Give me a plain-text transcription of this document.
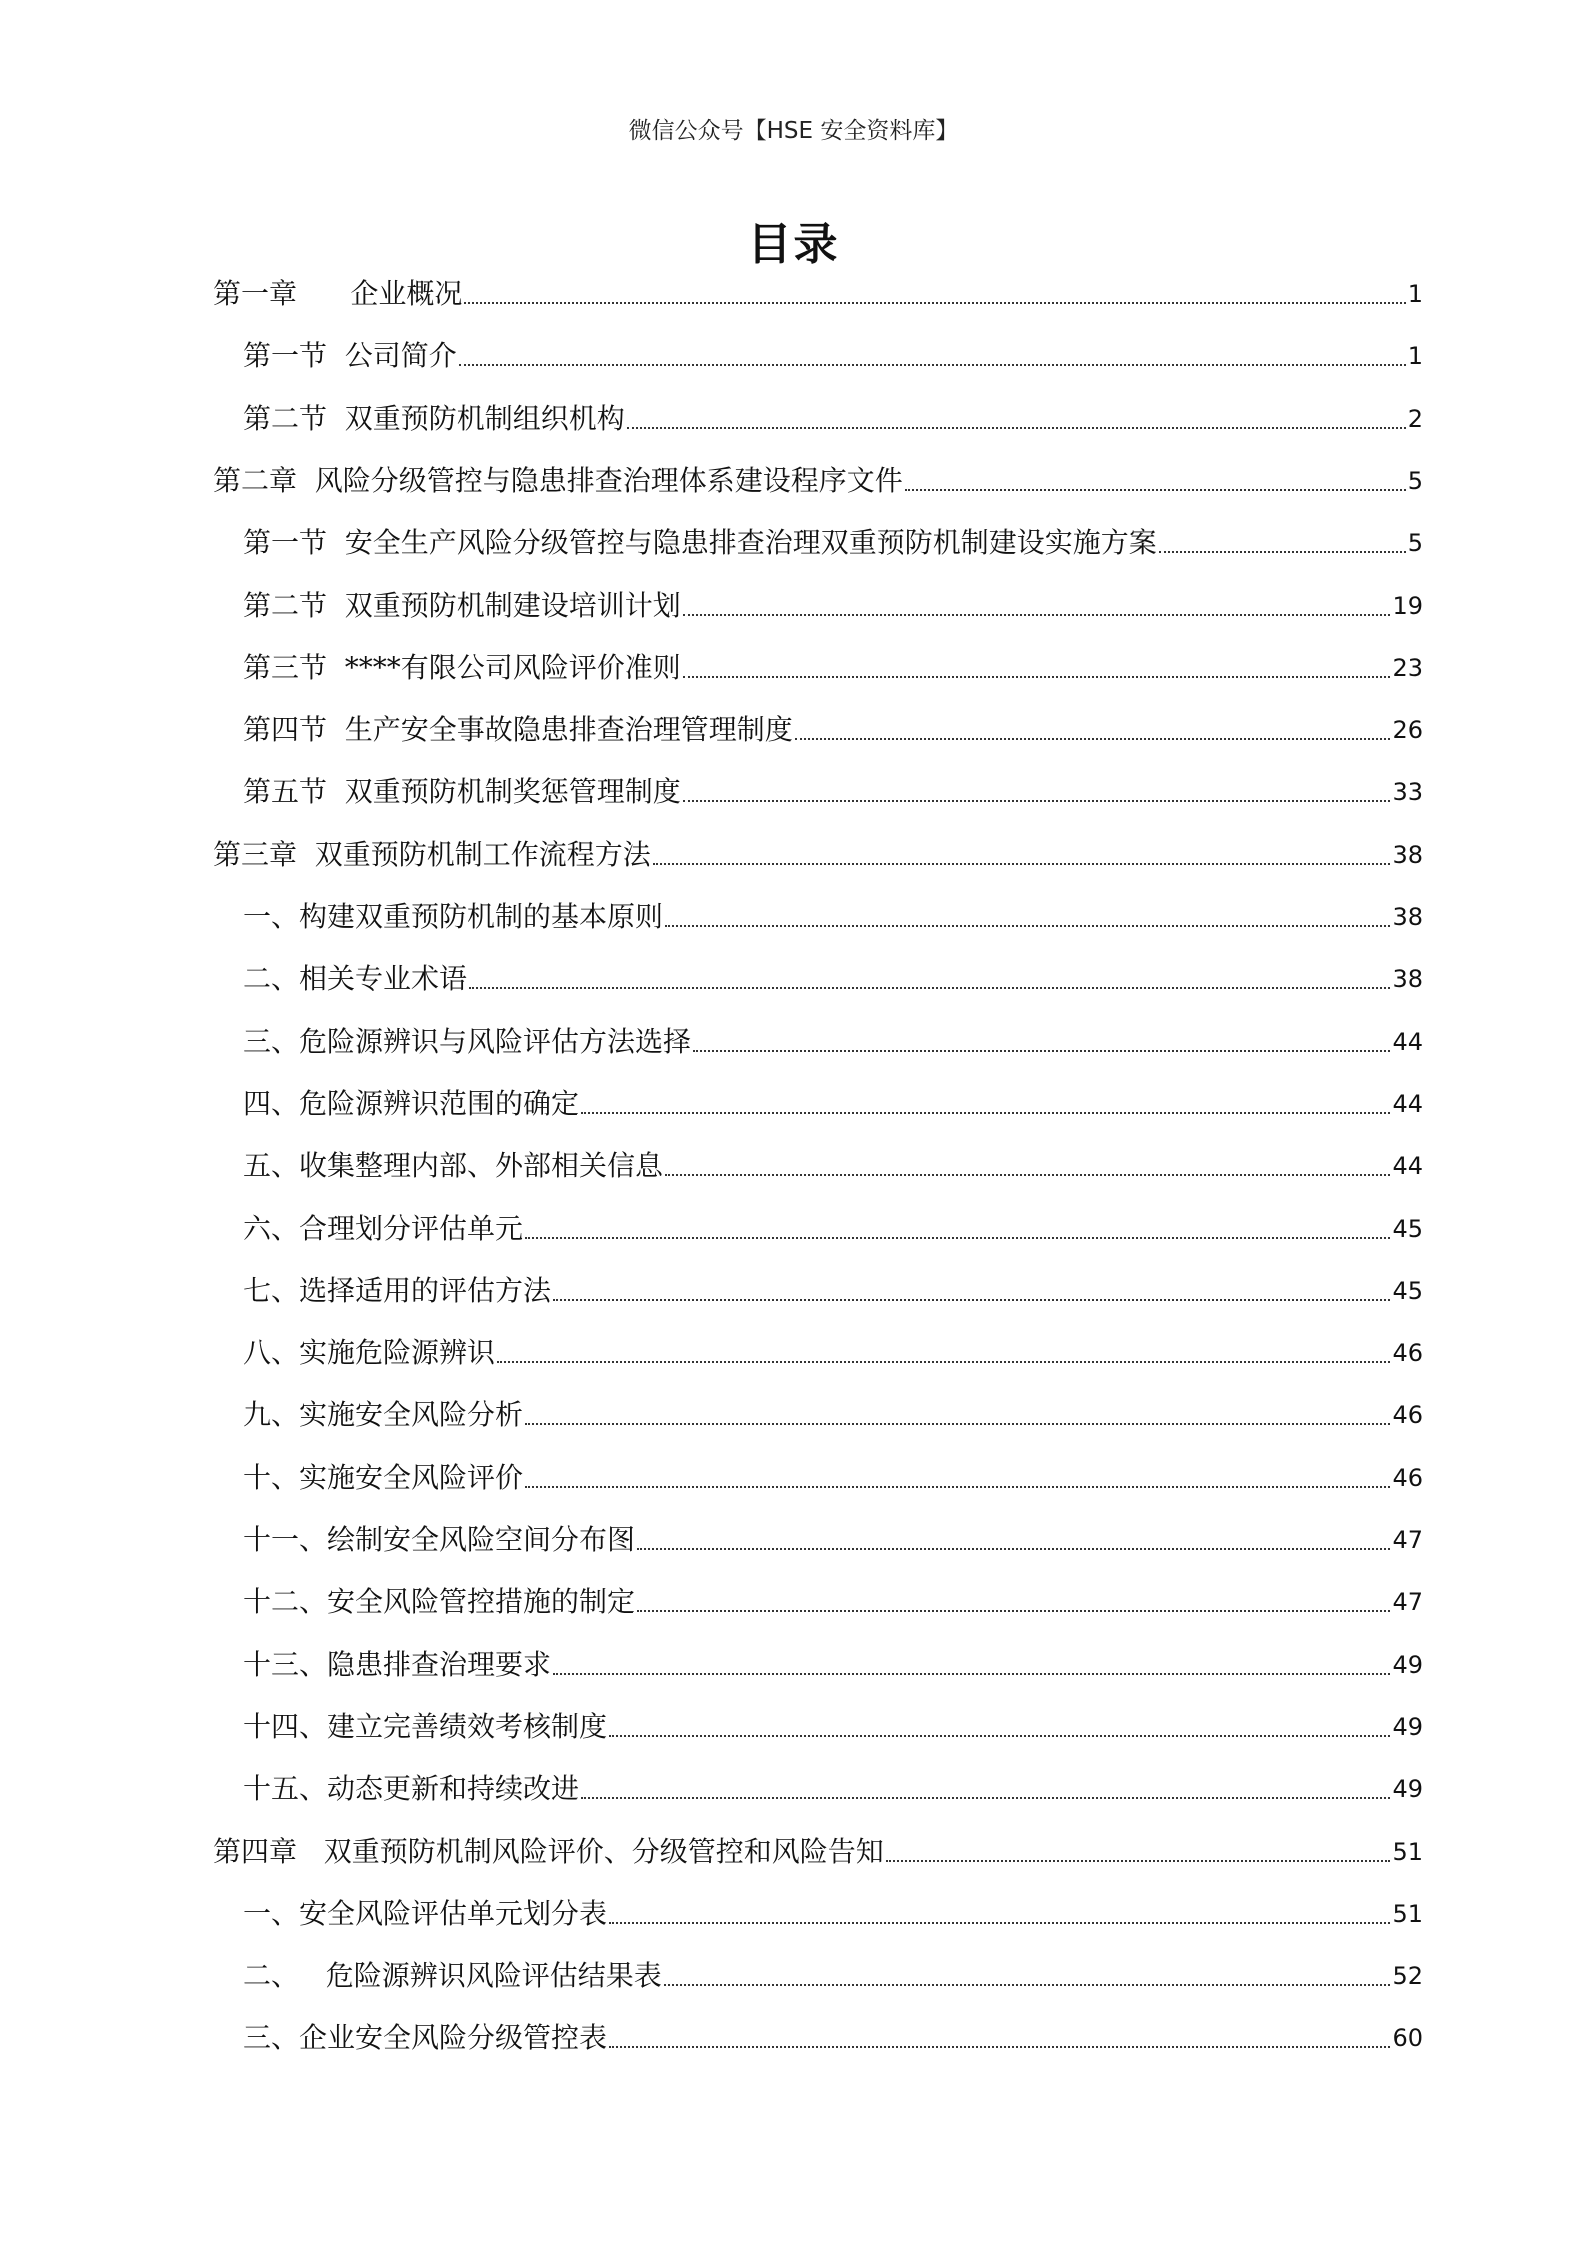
微信公众号【HSE 安全资料库】
目录
第一章      企业概况	1
第一节  公司简介	1
第二节  双重预防机制组织机构	2
第二章  风险分级管控与隐患排查治理体系建设程序文件	5
第一节  安全生产风险分级管控与隐患排查治理双重预防机制建设实施方案	5
第二节  双重预防机制建设培训计划	19
第三节  ****有限公司风险评价准则	23
第四节  生产安全事故隐患排查治理管理制度	26
第五节  双重预防机制奖惩管理制度	33
第三章  双重预防机制工作流程方法	38
一、构建双重预防机制的基本原则	38
二、相关专业术语	38
三、危险源辨识与风险评估方法选择	44
四、危险源辨识范围的确定	44
五、收集整理内部、外部相关信息	44
六、合理划分评估单元	45
七、选择适用的评估方法	45
八、实施危险源辨识	46
九、实施安全风险分析	46
十、实施安全风险评价	46
十一、绘制安全风险空间分布图	47
十二、安全风险管控措施的制定	47
十三、隐患排查治理要求	49
十四、建立完善绩效考核制度	49
十五、动态更新和持续改进	49
第四章   双重预防机制风险评价、分级管控和风险告知	51
一、安全风险评估单元划分表	51
二、   危险源辨识风险评估结果表	52
三、企业安全风险分级管控表	60
